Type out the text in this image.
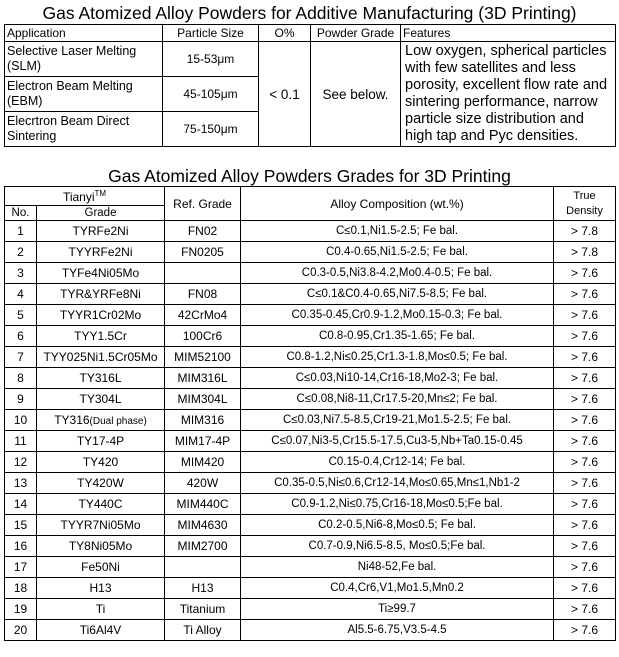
Gas Atomized Alloy Powders for Additive Manufacturing (3D Printing)
Application	Particle Size	O%	Powder Grade	Features
Selective Laser Melting (SLM)	15-53μm	< 0.1	See below.	Low oxygen, spherical particles with few satellites and less porosity, excellent flow rate and sintering performance, narrow particle size distribution and high tap and Pyc densities.
Electron Beam Melting (EBM)	45-105μm			
Elecrtron Beam Direct Sintering	75-150μm			
Gas Atomized Alloy Powders Grades for 3D Printing
Tianyi™		Ref. Grade	Alloy Composition (wt.%)	True Density
No.	Grade			
1	TYRFe2Ni	FN02	C≤0.1,Ni1.5-2.5; Fe bal.	> 7.8
2	TYYRFe2Ni	FN0205	C0.4-0.65,Ni1.5-2.5; Fe bal.	> 7.8
3	TYFe4Ni05Mo		C0.3-0.5,Ni3.8-4.2,Mo0.4-0.5; Fe bal.	> 7.6
4	TYR&YRFe8Ni	FN08	C≤0.1&C0.4-0.65,Ni7.5-8.5; Fe bal.	> 7.6
5	TYYR1Cr02Mo	42CrMo4	C0.35-0.45,Cr0.9-1.2,Mo0.15-0.3; Fe bal.	> 7.6
6	TYY1.5Cr	100Cr6	C0.8-0.95,Cr1.35-1.65; Fe bal.	> 7.6
7	TYY025Ni1.5Cr05Mo	MIM52100	C0.8-1.2,Ni≤0.25,Cr1.3-1.8,Mo≤0.5; Fe bal.	> 7.6
8	TY316L	MIM316L	C≤0.03,Ni10-14,Cr16-18,Mo2-3; Fe bal.	> 7.6
9	TY304L	MIM304L	C≤0.08,Ni8-11,Cr17.5-20,Mn≤2; Fe bal.	> 7.6
10	TY316(Dual phase)	MIM316	C≤0.03,Ni7.5-8.5,Cr19-21,Mo1.5-2.5; Fe bal.	> 7.6
11	TY17-4P	MIM17-4P	C≤0.07,Ni3-5,Cr15.5-17.5,Cu3-5,Nb+Ta0.15-0.45	> 7.6
12	TY420	MIM420	C0.15-0.4,Cr12-14; Fe bal.	> 7.6
13	TY420W	420W	C0.35-0.5,Ni≤0.6,Cr12-14,Mo≤0.65,Mn≤1,Nb1-2	> 7.6
14	TY440C	MIM440C	C0.9-1.2,Ni≤0.75,Cr16-18,Mo≤0.5;Fe bal.	> 7.6
15	TYYR7Ni05Mo	MIM4630	C0.2-0.5,Ni6-8,Mo≤0.5; Fe bal.	> 7.6
16	TY8Ni05Mo	MIM2700	C0.7-0.9,Ni6.5-8.5, Mo≤0.5;Fe bal.	> 7.6
17	Fe50Ni		Ni48-52,Fe bal.	> 7.6
18	H13	H13	C0.4,Cr6,V1,Mo1.5,Mn0.2	> 7.6
19	Ti	Titanium	Ti≥99.7	> 7.6
20	Ti6Al4V	Ti Alloy	Al5.5-6.75,V3.5-4.5	> 7.6
